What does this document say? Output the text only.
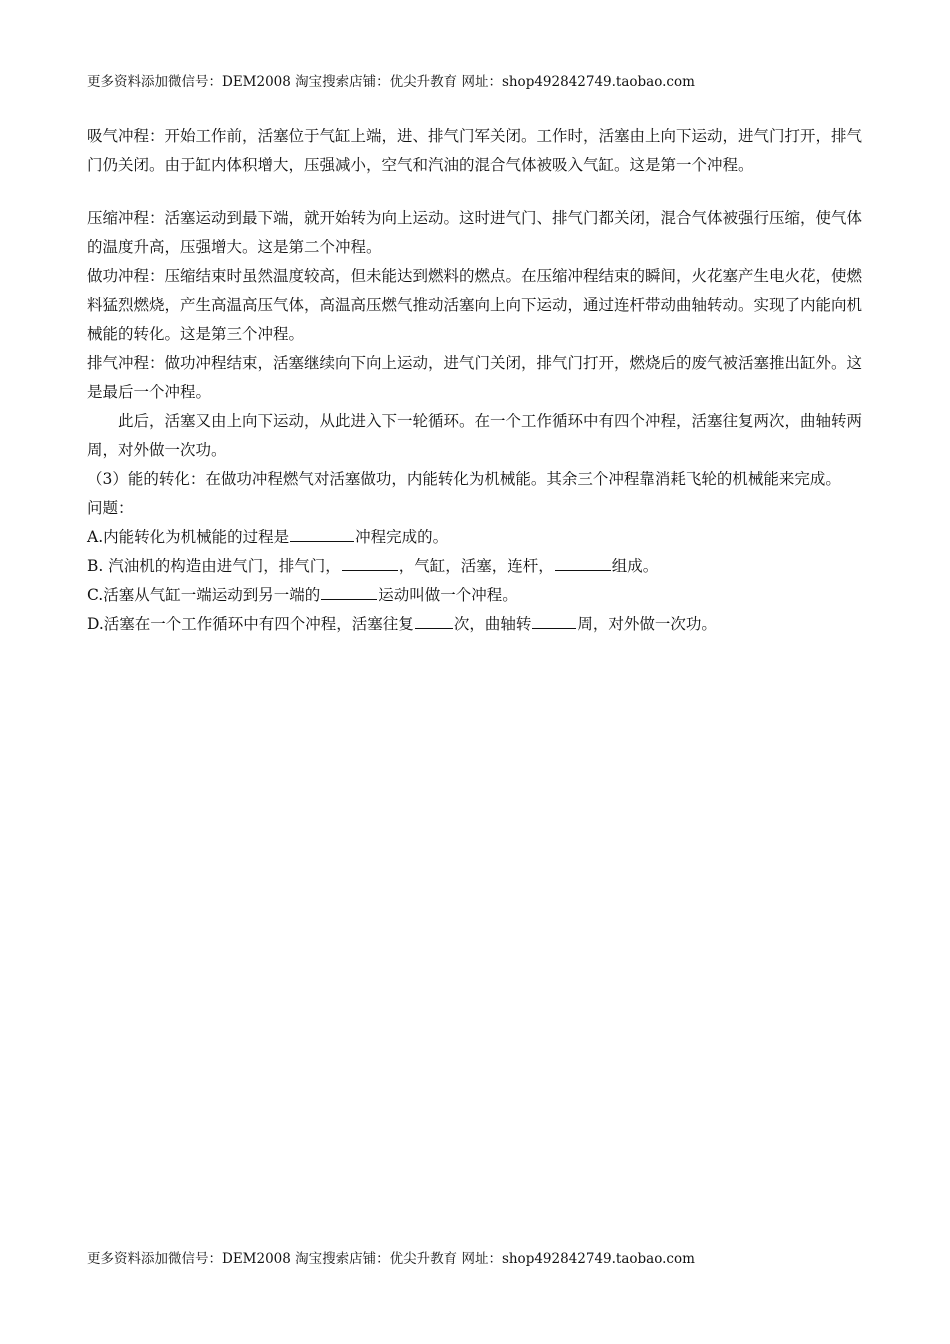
更多资料添加微信号：DEM2008 淘宝搜索店铺：优尖升教育 网址：shop492842749.taobao.com

吸气冲程：开始工作前，活塞位于气缸上端，进、排气门军关闭。工作时，活塞由上向下运动，进气门打开，排气门仍关闭。由于缸内体积增大，压强减小，空气和汽油的混合气体被吸入气缸。这是第一个冲程。

压缩冲程：活塞运动到最下端，就开始转为向上运动。这时进气门、排气门都关闭，混合气体被强行压缩，使气体的温度升高，压强增大。这是第二个冲程。

做功冲程：压缩结束时虽然温度较高，但未能达到燃料的燃点。在压缩冲程结束的瞬间，火花塞产生电火花，使燃料猛烈燃烧，产生高温高压气体，高温高压燃气推动活塞向上向下运动，通过连杆带动曲轴转动。实现了内能向机械能的转化。这是第三个冲程。

排气冲程：做功冲程结束，活塞继续向下向上运动，进气门关闭，排气门打开，燃烧后的废气被活塞推出缸外。这是最后一个冲程。

此后，活塞又由上向下运动，从此进入下一轮循环。在一个工作循环中有四个冲程，活塞往复两次，曲轴转两周，对外做一次功。

（3）能的转化：在做功冲程燃气对活塞做功，内能转化为机械能。其余三个冲程靠消耗飞轮的机械能来完成。

问题：

A.内能转化为机械能的过程是	冲程完成的。

B. 汽油机的构造由进气门，排气门，	，气缸，活塞，连杆，	组成。

C.活塞从气缸一端运动到另一端的	运动叫做一个冲程。

D.活塞在一个工作循环中有四个冲程，活塞往复	次，曲轴转	周，对外做一次功。

更多资料添加微信号：DEM2008 淘宝搜索店铺：优尖升教育 网址：shop492842749.taobao.com
